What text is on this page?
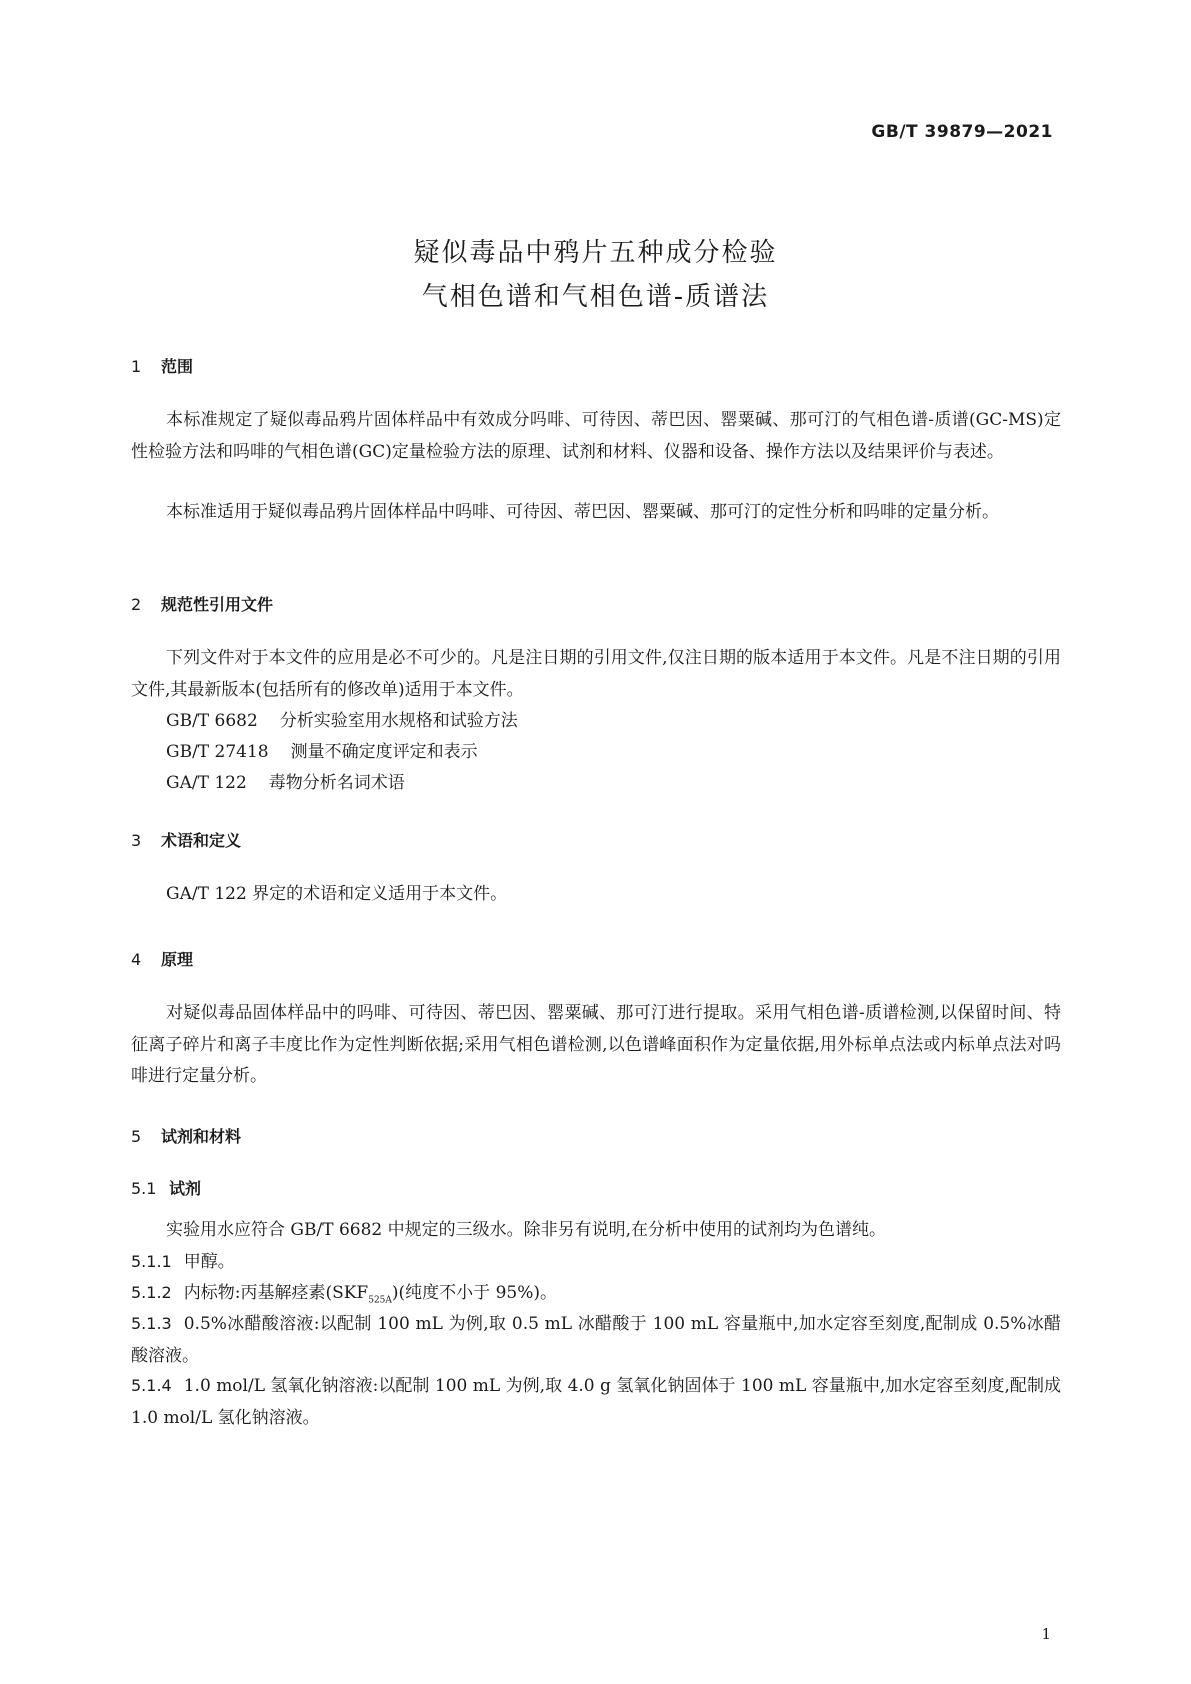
GB/T 39879—2021
疑似毒品中鸦片五种成分检验
气相色谱和气相色谱-质谱法
1 范围
本标准规定了疑似毒品鸦片固体样品中有效成分吗啡、可待因、蒂巴因、罂粟碱、那可汀的气相色谱-质谱(GC-MS)定性检验方法和吗啡的气相色谱(GC)定量检验方法的原理、试剂和材料、仪器和设备、操作方法以及结果评价与表述。
本标准适用于疑似毒品鸦片固体样品中吗啡、可待因、蒂巴因、罂粟碱、那可汀的定性分析和吗啡的定量分析。
2 规范性引用文件
下列文件对于本文件的应用是必不可少的。凡是注日期的引用文件,仅注日期的版本适用于本文件。凡是不注日期的引用文件,其最新版本(包括所有的修改单)适用于本文件。
GB/T 6682 分析实验室用水规格和试验方法
GB/T 27418 测量不确定度评定和表示
GA/T 122 毒物分析名词术语
3 术语和定义
GA/T 122 界定的术语和定义适用于本文件。
4 原理
对疑似毒品固体样品中的吗啡、可待因、蒂巴因、罂粟碱、那可汀进行提取。采用气相色谱-质谱检测,以保留时间、特征离子碎片和离子丰度比作为定性判断依据;采用气相色谱检测,以色谱峰面积作为定量依据,用外标单点法或内标单点法对吗啡进行定量分析。
5 试剂和材料
5.1 试剂
实验用水应符合 GB/T 6682 中规定的三级水。除非另有说明,在分析中使用的试剂均为色谱纯。
5.1.1 甲醇。
5.1.2 内标物:丙基解痉素$(SKF_{525A})$(纯度不小于 95%)。
5.1.3 0.5%冰醋酸溶液:以配制 100 mL 为例,取 0.5 mL 冰醋酸于 100 mL 容量瓶中,加水定容至刻度,配制成 0.5%冰醋酸溶液。
5.1.4 1.0 mol/L 氢氧化钠溶液:以配制 100 mL 为例,取 4.0 g 氢氧化钠固体于 100 mL 容量瓶中,加水定容至刻度,配制成 1.0 mol/L 氢化钠溶液。
1
